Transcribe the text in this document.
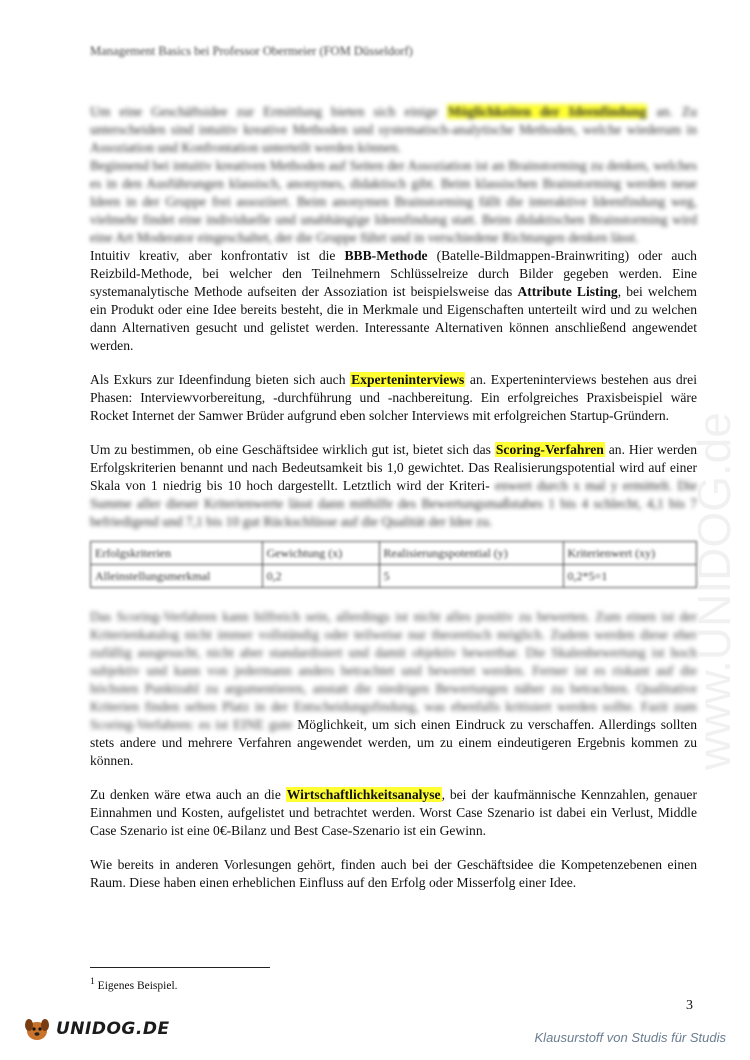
Management Basics bei Professor Obermeier (FOM Düsseldorf)

Um eine Geschäftsidee zur Ermittlung bieten sich einige Möglichkeiten der Ideenfindung an. Zu unterscheiden sind intuitiv kreative Methoden und systematisch-analytische Methoden, welche wiederum in Assoziation und Konfrontation unterteilt werden können.

Beginnend bei intuitiv kreativen Methoden auf Seiten der Assoziation ist an Brainstorming zu denken, welches es in den Ausführungen klassisch, anonymes, didaktisch gibt. Beim klassischen Brainstorming werden neue Ideen in der Gruppe frei assoziiert. Beim anonymen Brainstorming fällt die interaktive Ideenfindung weg, vielmehr findet eine individuelle und unabhängige Ideenfindung statt. Beim didaktischen Brainstorming wird eine Art Moderator eingeschaltet, der die Gruppe führt und in verschiedene Richtungen denken lässt.

Intuitiv kreativ, aber konfrontativ ist die BBB-Methode (Batelle-Bildmappen-Brainwriting) oder auch Reizbild-Methode, bei welcher den Teilnehmern Schlüsselreize durch Bilder gegeben werden. Eine systemanalytische Methode aufseiten der Assoziation ist beispielsweise das Attribute Listing, bei welchem ein Produkt oder eine Idee bereits besteht, die in Merkmale und Eigenschaften unterteilt wird und zu welchen dann Alternativen gesucht und gelistet werden. Interessante Alternativen können anschließend angewendet werden.

Als Exkurs zur Ideenfindung bieten sich auch Experteninterviews an. Experteninterviews bestehen aus drei Phasen: Interviewvorbereitung, -durchführung und -nachbereitung. Ein erfolgreiches Praxisbeispiel wäre Rocket Internet der Samwer Brüder aufgrund eben solcher Interviews mit erfolgreichen Startup-Gründern.

Um zu bestimmen, ob eine Geschäftsidee wirklich gut ist, bietet sich das Scoring-Verfahren an. Hier werden Erfolgskriterien benannt und nach Bedeutsamkeit bis 1,0 gewichtet. Das Realisierungspotential wird auf einer Skala von 1 niedrig bis 10 hoch dargestellt. Letztlich wird der Kriteri- enwert durch x mal y ermittelt. Die Summe aller dieser Kriterienwerte lässt dann mithilfe des Bewertungsmaßstabes 1 bis 4 schlecht, 4,1 bis 7 befriedigend und 7,1 bis 10 gut Rückschlüsse auf die Qualität der Idee zu.

Erfolgskriterien	Gewichtung (x)	Realisierungspotential (y)	Kriterienwert (xy)
Alleinstellungsmerkmal	0,2	5	0,2*5=1

Das Scoring-Verfahren kann hilfreich sein, allerdings ist nicht alles positiv zu bewerten. Zum einen ist der Kriterienkatalog nicht immer vollständig oder teilweise nur theoretisch möglich. Zudem werden diese eher zufällig ausgesucht, nicht aber standardisiert und damit objektiv bewertbar. Die Skalenbewertung ist hoch subjektiv und kann von jedermann anders betrachtet und bewertet werden. Ferner ist es riskant auf die höchsten Punktzahl zu argumentieren, anstatt die niedrigen Bewertungen näher zu betrachten. Qualitative Kriterien finden selten Platz in der Entscheidungsfindung, was ebenfalls kritisiert werden sollte. Fazit zum Scoring-Verfahren: es ist EINE gute Möglichkeit, um sich einen Eindruck zu verschaffen. Allerdings sollten stets andere und mehrere Verfahren angewendet werden, um zu einem eindeutigeren Ergebnis kommen zu können.

Zu denken wäre etwa auch an die Wirtschaftlichkeitsanalyse, bei der kaufmännische Kennzahlen, genauer Einnahmen und Kosten, aufgelistet und betrachtet werden. Worst Case Szenario ist dabei ein Verlust, Middle Case Szenario ist eine 0€-Bilanz und Best Case-Szenario ist ein Gewinn.

Wie bereits in anderen Vorlesungen gehört, finden auch bei der Geschäftsidee die Kompetenzebenen einen Raum. Diese haben einen erheblichen Einfluss auf den Erfolg oder Misserfolg einer Idee.

$^1$ Eigenes Beispiel.
3
www.UNIDOG.de
UNIDOG.DE	Klausurstoff von Studis für Studis
